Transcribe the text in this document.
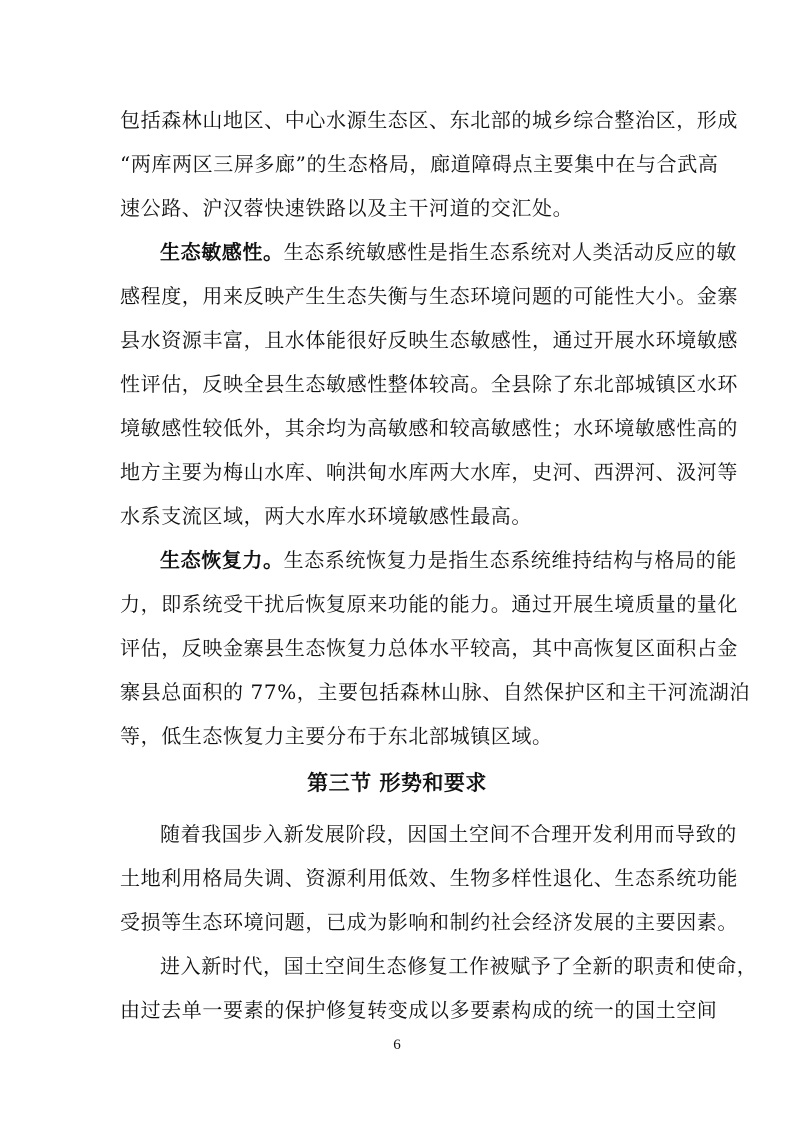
包括森林山地区、中心水源生态区、东北部的城乡综合整治区，形成
“两库两区三屏多廊”的生态格局，廊道障碍点主要集中在与合武高
速公路、沪汉蓉快速铁路以及主干河道的交汇处。
生态敏感性。生态系统敏感性是指生态系统对人类活动反应的敏
感程度，用来反映产生生态失衡与生态环境问题的可能性大小。金寨
县水资源丰富，且水体能很好反映生态敏感性，通过开展水环境敏感
性评估，反映全县生态敏感性整体较高。全县除了东北部城镇区水环
境敏感性较低外，其余均为高敏感和较高敏感性；水环境敏感性高的
地方主要为梅山水库、响洪甸水库两大水库，史河、西淠河、汲河等
水系支流区域，两大水库水环境敏感性最高。
生态恢复力。生态系统恢复力是指生态系统维持结构与格局的能
力，即系统受干扰后恢复原来功能的能力。通过开展生境质量的量化
评估，反映金寨县生态恢复力总体水平较高，其中高恢复区面积占金
寨县总面积的 77%，主要包括森林山脉、自然保护区和主干河流湖泊
等，低生态恢复力主要分布于东北部城镇区域。
第三节 形势和要求
随着我国步入新发展阶段，因国土空间不合理开发利用而导致的
土地利用格局失调、资源利用低效、生物多样性退化、生态系统功能
受损等生态环境问题，已成为影响和制约社会经济发展的主要因素。
进入新时代，国土空间生态修复工作被赋予了全新的职责和使命，
由过去单一要素的保护修复转变成以多要素构成的统一的国土空间
6
